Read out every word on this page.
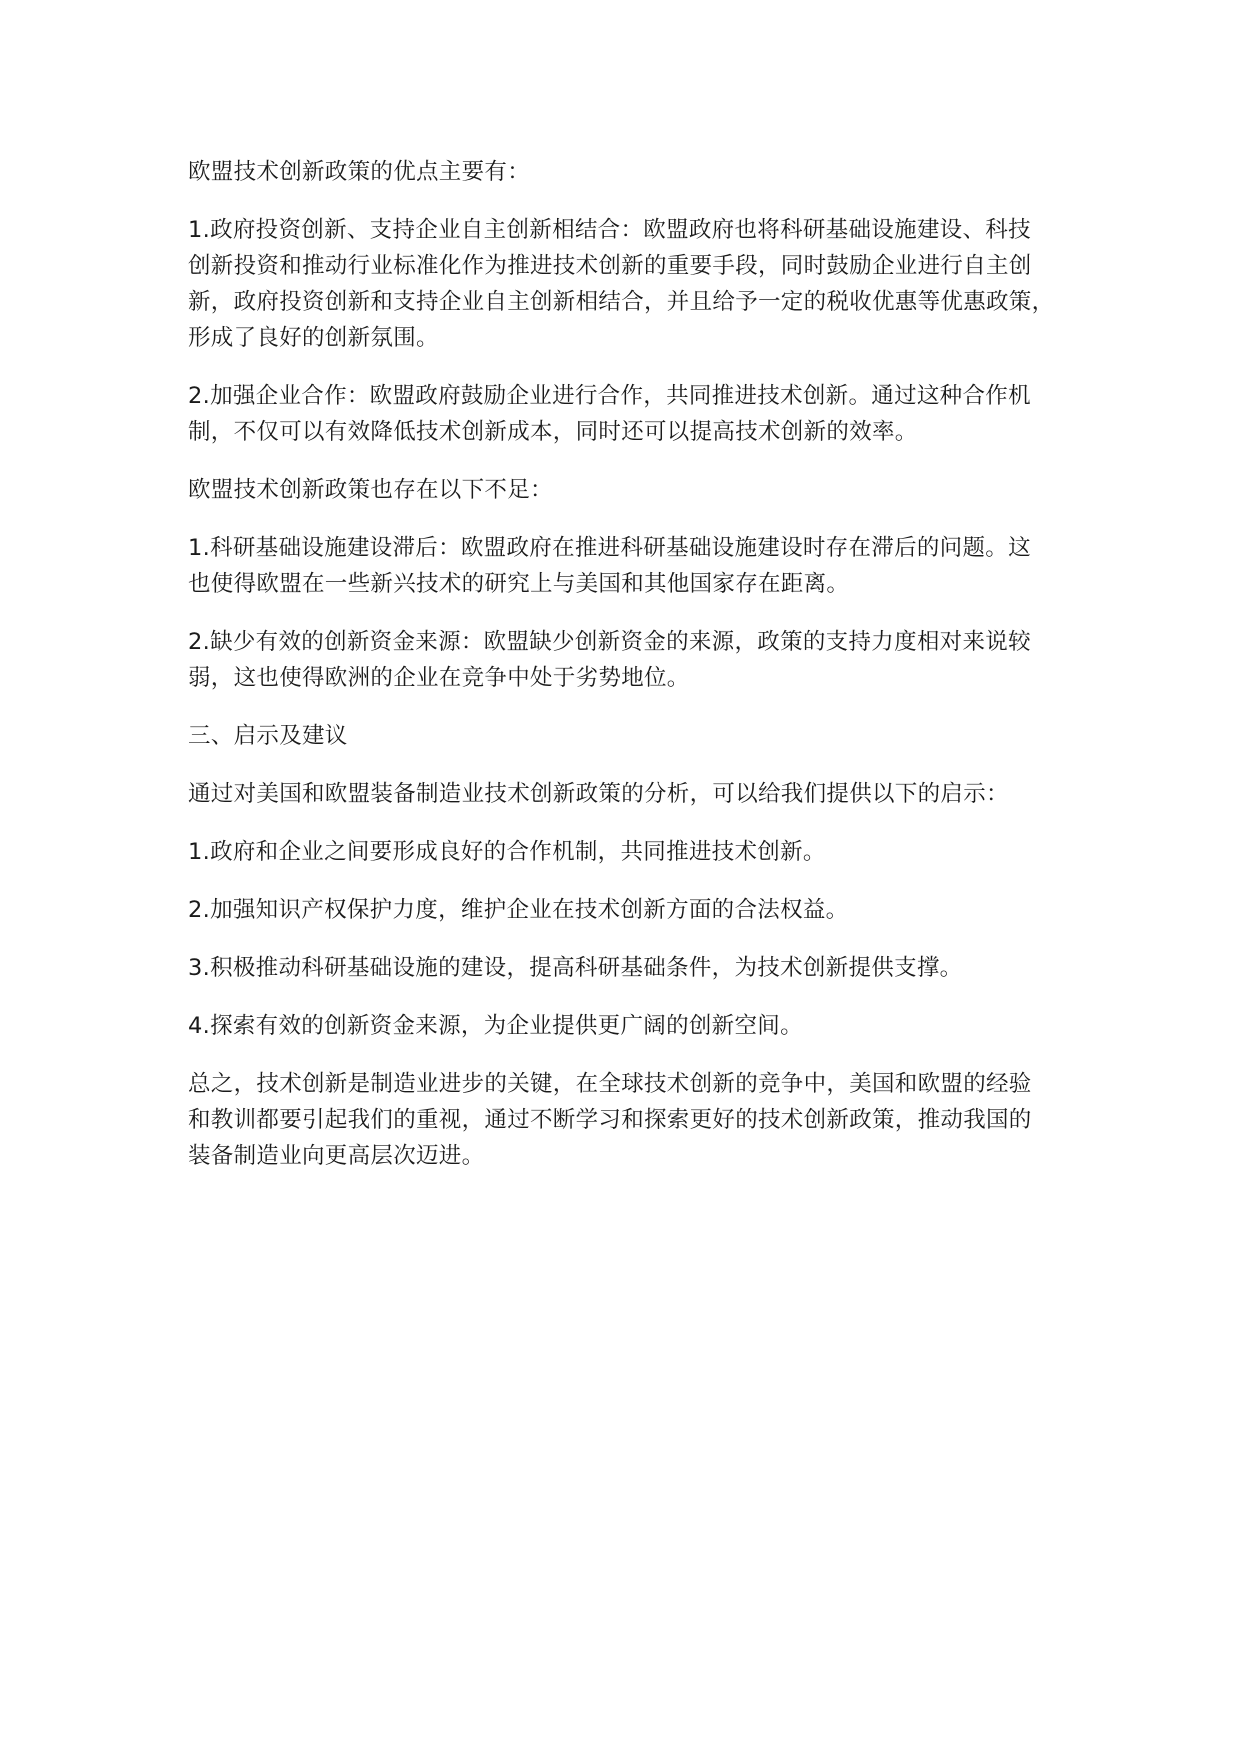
欧盟技术创新政策的优点主要有：

1.政府投资创新、支持企业自主创新相结合：欧盟政府也将科研基础设施建设、科技
创新投资和推动行业标准化作为推进技术创新的重要手段，同时鼓励企业进行自主创
新，政府投资创新和支持企业自主创新相结合，并且给予一定的税收优惠等优惠政策，
形成了良好的创新氛围。

2.加强企业合作：欧盟政府鼓励企业进行合作，共同推进技术创新。通过这种合作机
制，不仅可以有效降低技术创新成本，同时还可以提高技术创新的效率。

欧盟技术创新政策也存在以下不足：

1.科研基础设施建设滞后：欧盟政府在推进科研基础设施建设时存在滞后的问题。这
也使得欧盟在一些新兴技术的研究上与美国和其他国家存在距离。

2.缺少有效的创新资金来源：欧盟缺少创新资金的来源，政策的支持力度相对来说较
弱，这也使得欧洲的企业在竞争中处于劣势地位。

三、启示及建议

通过对美国和欧盟装备制造业技术创新政策的分析，可以给我们提供以下的启示：

1.政府和企业之间要形成良好的合作机制，共同推进技术创新。

2.加强知识产权保护力度，维护企业在技术创新方面的合法权益。

3.积极推动科研基础设施的建设，提高科研基础条件，为技术创新提供支撑。

4.探索有效的创新资金来源，为企业提供更广阔的创新空间。

总之，技术创新是制造业进步的关键，在全球技术创新的竞争中，美国和欧盟的经验
和教训都要引起我们的重视，通过不断学习和探索更好的技术创新政策，推动我国的
装备制造业向更高层次迈进。
